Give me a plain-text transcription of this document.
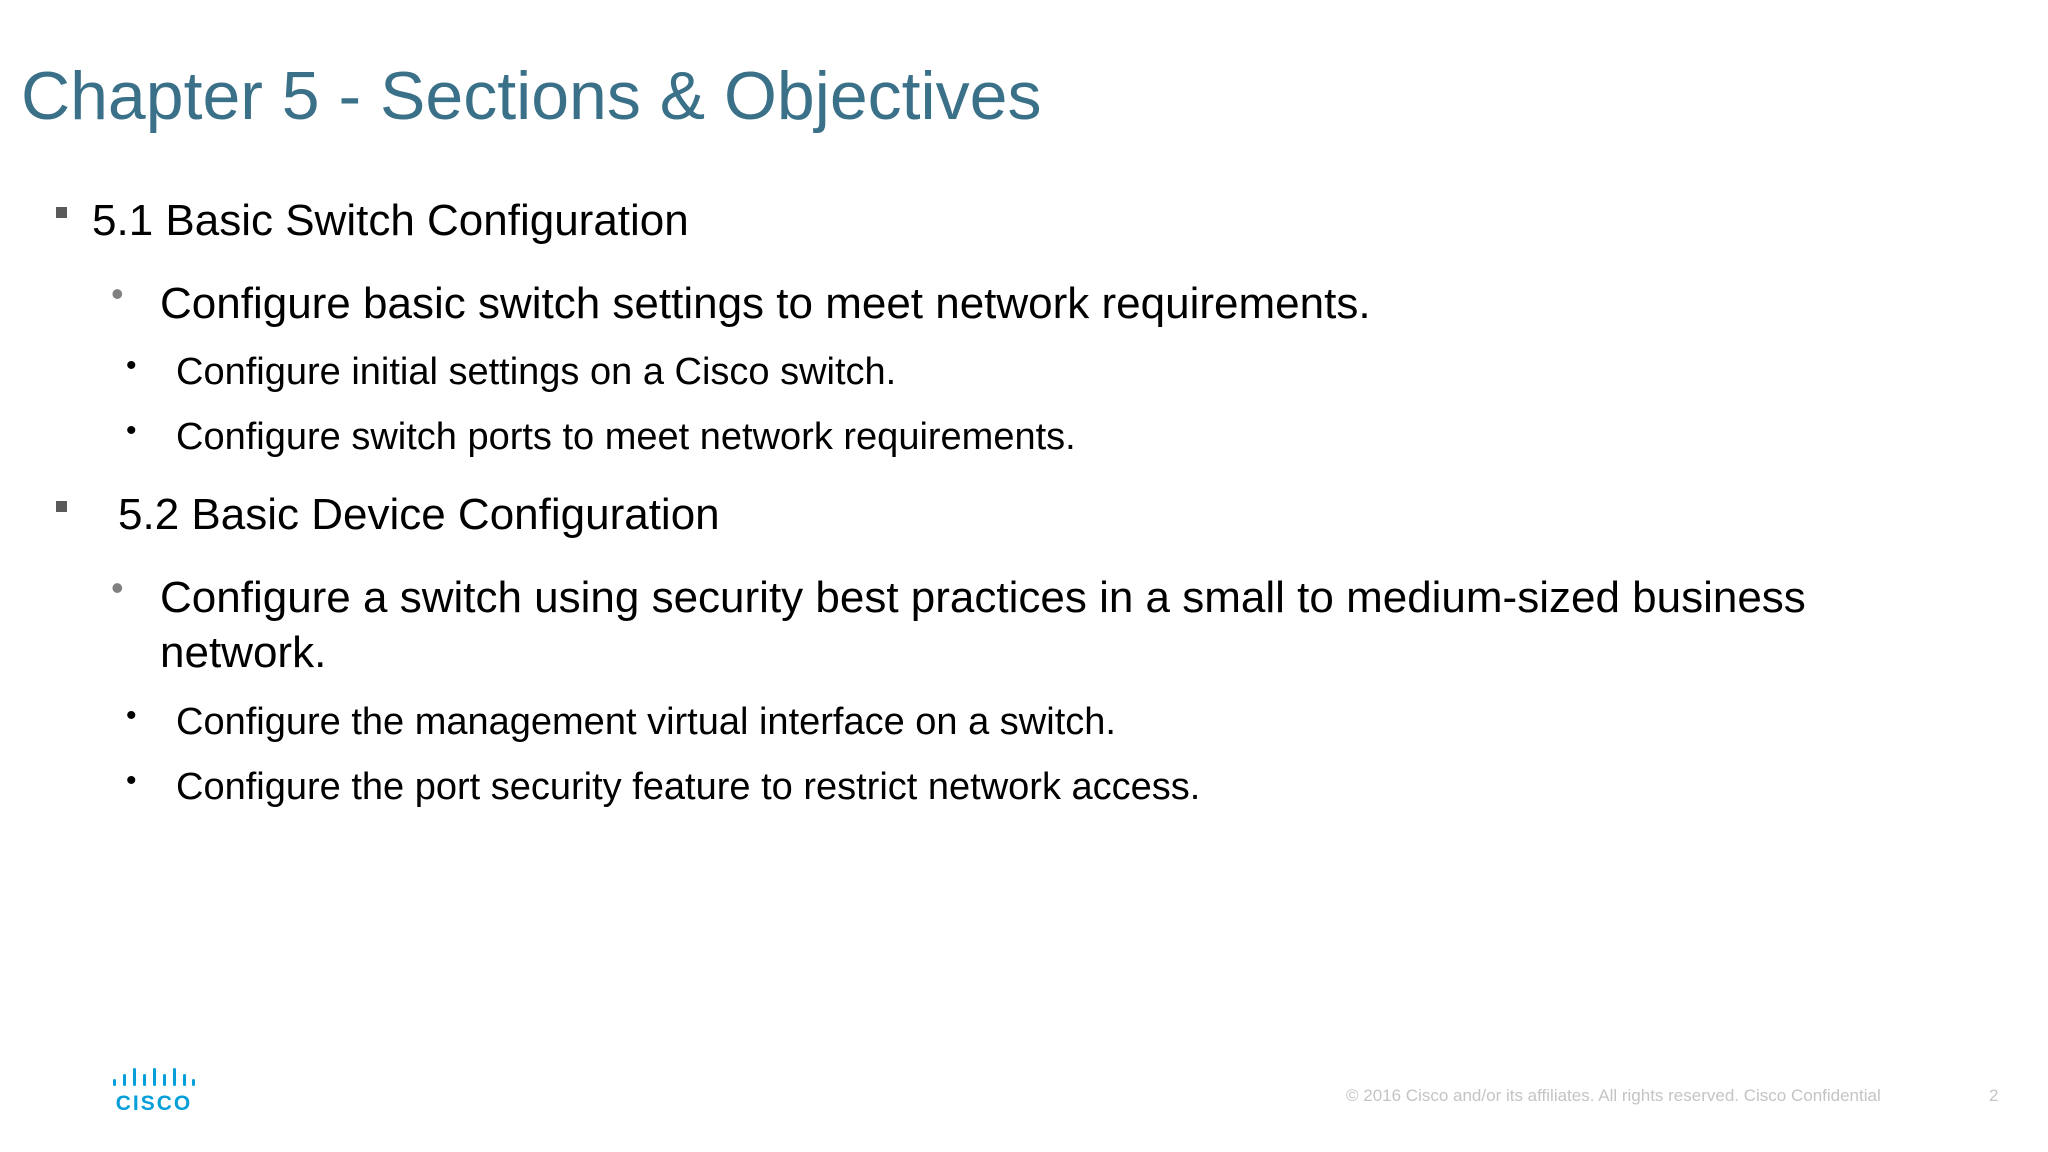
Chapter 5 - Sections & Objectives
5.1 Basic Switch Configuration
• Configure basic switch settings to meet network requirements.
• Configure initial settings on a Cisco switch.
• Configure switch ports to meet network requirements.
5.2 Basic Device Configuration
• Configure a switch using security best practices in a small to medium-sized business
network.
• Configure the management virtual interface on a switch.
• Configure the port security feature to restrict network access.
CISCO	© 2016 Cisco and/or its affiliates. All rights reserved. Cisco Confidential	2
